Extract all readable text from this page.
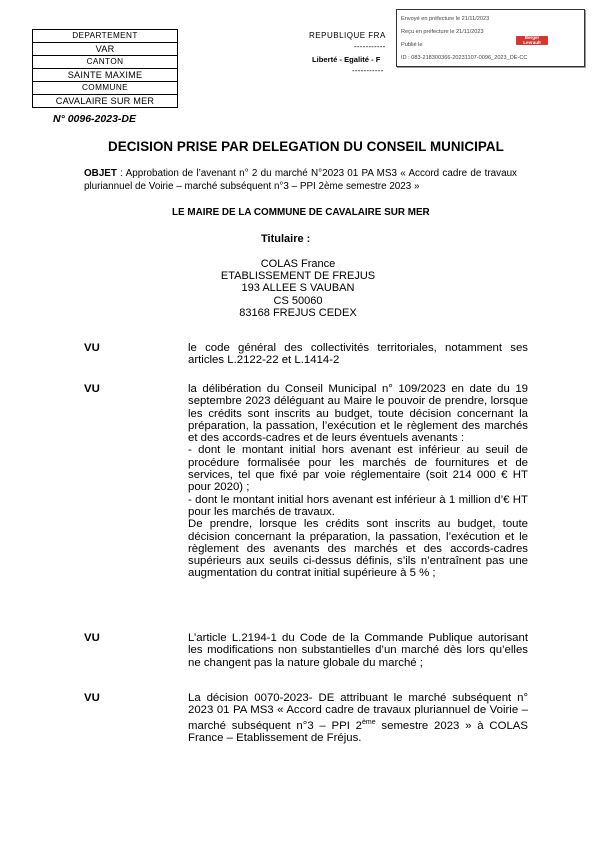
DEPARTEMENT
VAR
CANTON
SAINTE MAXIME
COMMUNE
CAVALAIRE SUR MER
REPUBLIQUE FRA
-----------
Liberté - Egalité - F
-----------
Envoyé en préfecture le 21/11/2023
Reçu en préfecture le 21/11/2023
Publié le
ID : 083-218300366-20231107-0096_2023_DE-CC
Berger Levrault
N° 0096-2023-DE
DECISION PRISE PAR DELEGATION DU CONSEIL MUNICIPAL
OBJET : Approbation de l’avenant n° 2 du marché N°2023 01 PA MS3 « Accord cadre de travaux pluriannuel de Voirie – marché subséquent n°3 – PPI 2ème semestre 2023 »
LE MAIRE DE LA COMMUNE DE CAVALAIRE SUR MER
Titulaire :
COLAS France
ETABLISSEMENT DE FREJUS
193 ALLEE S VAUBAN
CS 50060
83168 FREJUS CEDEX
VU	le code général des collectivités territoriales, notamment ses articles L.2122-22 et L.1414-2
VU	la délibération du Conseil Municipal n° 109/2023 en date du 19 septembre 2023 déléguant au Maire le pouvoir de prendre, lorsque les crédits sont inscrits au budget, toute décision concernant la préparation, la passation, l’exécution et le règlement des marchés et des accords-cadres et de leurs éventuels avenants :

- dont le montant initial hors avenant est inférieur au seuil de procédure formalisée pour les marchés de fournitures et de services, tel que fixé par voie réglementaire (soit 214 000 € HT pour 2020) ;

- dont le montant initial hors avenant est inférieur à 1 million d’€ HT pour les marchés de travaux.

De prendre, lorsque les crédits sont inscrits au budget, toute décision concernant la préparation, la passation, l’exécution et le règlement des avenants des marchés et des accords-cadres supérieurs aux seuils ci-dessus définis, s’ils n’entraînent pas une augmentation du contrat initial supérieure à 5 % ;

VU	L’article L.2194-1 du Code de la Commande Publique autorisant les modifications non substantielles d’un marché dès lors qu’elles ne changent pas la nature globale du marché ;
VU	La décision 0070-2023- DE attribuant le marché subséquent n° 2023 01 PA MS3 « Accord cadre de travaux pluriannuel de Voirie – marché subséquent n°3 – PPI 2ème semestre 2023 » à COLAS France – Etablissement de Fréjus.
